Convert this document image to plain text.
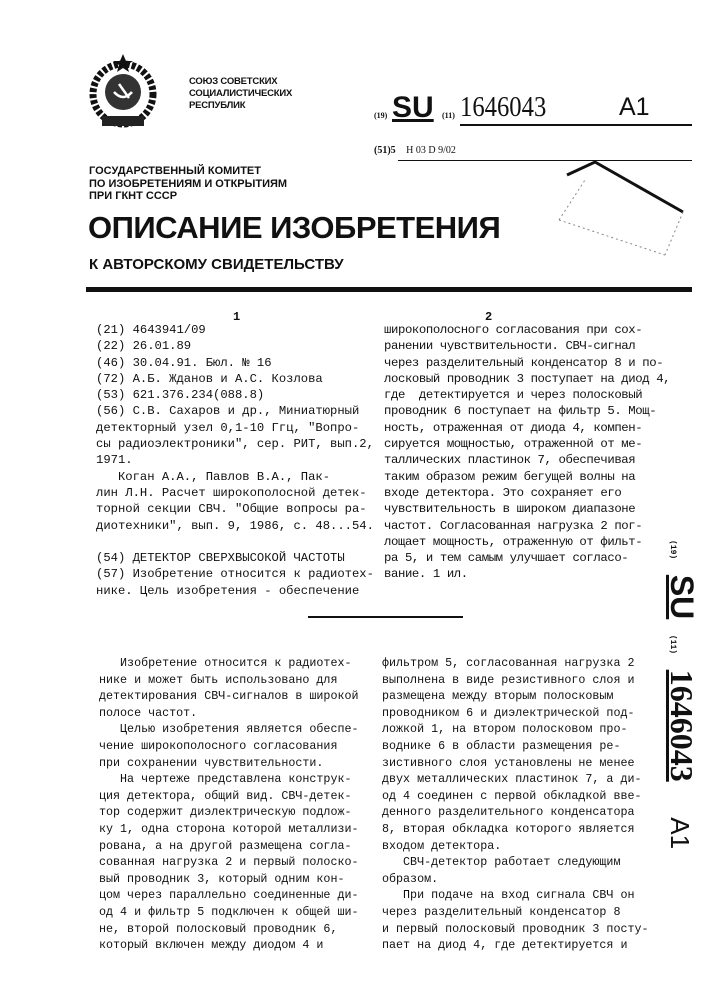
СОЮЗ СОВЕТСКИХ
СОЦИАЛИСТИЧЕСКИХ
РЕСПУБЛИК
ГОСУДАРСТВЕННЫЙ КОМИТЕТ
ПО ИЗОБРЕТЕНИЯМ И ОТКРЫТИЯМ
ПРИ ГКНТ СССР
(19) SU (11) 1646043	A1
(51)5 H 03 D 9/02
ОПИСАНИЕ ИЗОБРЕТЕНИЯ
К АВТОРСКОМУ СВИДЕТЕЛЬСТВУ
1	2
(21) 4643941/09
(22) 26.01.89
(46) 30.04.91. Бюл. № 16
(72) А.Б. Жданов и А.С. Козлова
(53) 621.376.234(088.8)
(56) С.В. Сахаров и др., Миниатюрный
детекторный узел 0,1-10 Ггц, "Вопро-
сы радиоэлектроники", сер. РИТ, вып.2,
1971.
Коган А.А., Павлов В.А., Пак-
лин Л.Н. Расчет широкополосной детек-
торной секции СВЧ. "Общие вопросы ра-
диотехники", вып. 9, 1986, с. 48...54.
(54) ДЕТЕКТОР СВЕРХВЫСОКОЙ ЧАСТОТЫ
(57) Изобретение относится к радиотех-
нике. Цель изобретения - обеспечение
широкополосного согласования при сох-
ранении чувствительности. СВЧ-сигнал
через разделительный конденсатор 8 и по-
лосковый проводник 3 поступает на диод 4,
где  детектируется и через полосковый
проводник 6 поступает на фильтр 5. Мощ-
ность, отраженная от диода 4, компен-
сируется мощностью, отраженной от ме-
таллических пластинок 7, обеспечивая
таким образом режим бегущей волны на
входе детектора. Это сохраняет его
чувствительность в широком диапазоне
частот. Согласованная нагрузка 2 пог-
лощает мощность, отраженную от фильт-
ра 5, и тем самым улучшает согласо-
вание. 1 ил.
Изобретение относится к радиотех-
нике и может быть использовано для
детектирования СВЧ-сигналов в широкой
полосе частот.
Целью изобретения является обеспе-
чение широкополосного согласования
при сохранении чувствительности.
На чертеже представлена конструк-
ция детектора, общий вид. СВЧ-детек-
тор содержит диэлектрическую подлож-
ку 1, одна сторона которой металлизи-
рована, а на другой размещена согла-
сованная нагрузка 2 и первый полоско-
вый проводник 3, который одним кон-
цом через параллельно соединенные ди-
од 4 и фильтр 5 подключен к общей ши-
не, второй полосковый проводник 6,
который включен между диодом 4 и
фильтром 5, согласованная нагрузка 2
выполнена в виде резистивного слоя и
размещена между вторым полосковым
проводником 6 и диэлектрической под-
ложкой 1, на втором полосковом про-
воднике 6 в области размещения ре-
зистивного слоя установлены не менее
двух металлических пластинок 7, а ди-
од 4 соединен с первой обкладкой вве-
денного разделительного конденсатора
8, вторая обкладка которого является
входом детектора.
СВЧ-детектор работает следующим
образом.
При подаче на вход сигнала СВЧ он
через разделительный конденсатор 8
и первый полосковый проводник 3 посту-
пает на диод 4, где детектируется и
(19) SU (11) 1646043 A1
